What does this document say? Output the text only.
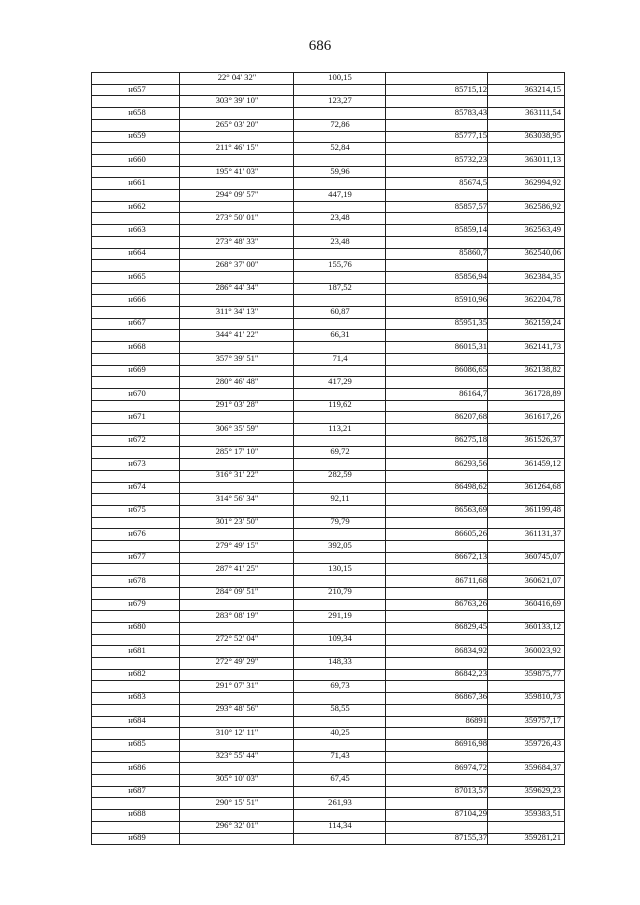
686
22° 04' 32"	100,15
н657	85715,12	363214,15
303° 39' 10"	123,27
н658	85783,43	363111,54
265° 03' 20"	72,86
н659	85777,15	363038,95
211° 46' 15"	52,84
н660	85732,23	363011,13
195° 41' 03"	59,96
н661	85674,5	362994,92
294° 09' 57"	447,19
н662	85857,57	362586,92
273° 50' 01"	23,48
н663	85859,14	362563,49
273° 48' 33"	23,48
н664	85860,7	362540,06
268° 37' 00"	155,76
н665	85856,94	362384,35
286° 44' 34"	187,52
н666	85910,96	362204,78
311° 34' 13"	60,87
н667	85951,35	362159,24
344° 41' 22"	66,31
н668	86015,31	362141,73
357° 39' 51"	71,4
н669	86086,65	362138,82
280° 46' 48"	417,29
н670	86164,7	361728,89
291° 03' 28"	119,62
н671	86207,68	361617,26
306° 35' 59"	113,21
н672	86275,18	361526,37
285° 17' 10"	69,72
н673	86293,56	361459,12
316° 31' 22"	282,59
н674	86498,62	361264,68
314° 56' 34"	92,11
н675	86563,69	361199,48
301° 23' 50"	79,79
н676	86605,26	361131,37
279° 49' 15"	392,05
н677	86672,13	360745,07
287° 41' 25"	130,15
н678	86711,68	360621,07
284° 09' 51"	210,79
н679	86763,26	360416,69
283° 08' 19"	291,19
н680	86829,45	360133,12
272° 52' 04"	109,34
н681	86834,92	360023,92
272° 49' 29"	148,33
н682	86842,23	359875,77
291° 07' 31"	69,73
н683	86867,36	359810,73
293° 48' 56"	58,55
н684	86891	359757,17
310° 12' 11"	40,25
н685	86916,98	359726,43
323° 55' 44"	71,43
н686	86974,72	359684,37
305° 10' 03"	67,45
н687	87013,57	359629,23
290° 15' 51"	261,93
н688	87104,29	359383,51
296° 32' 01"	114,34
н689	87155,37	359281,21
